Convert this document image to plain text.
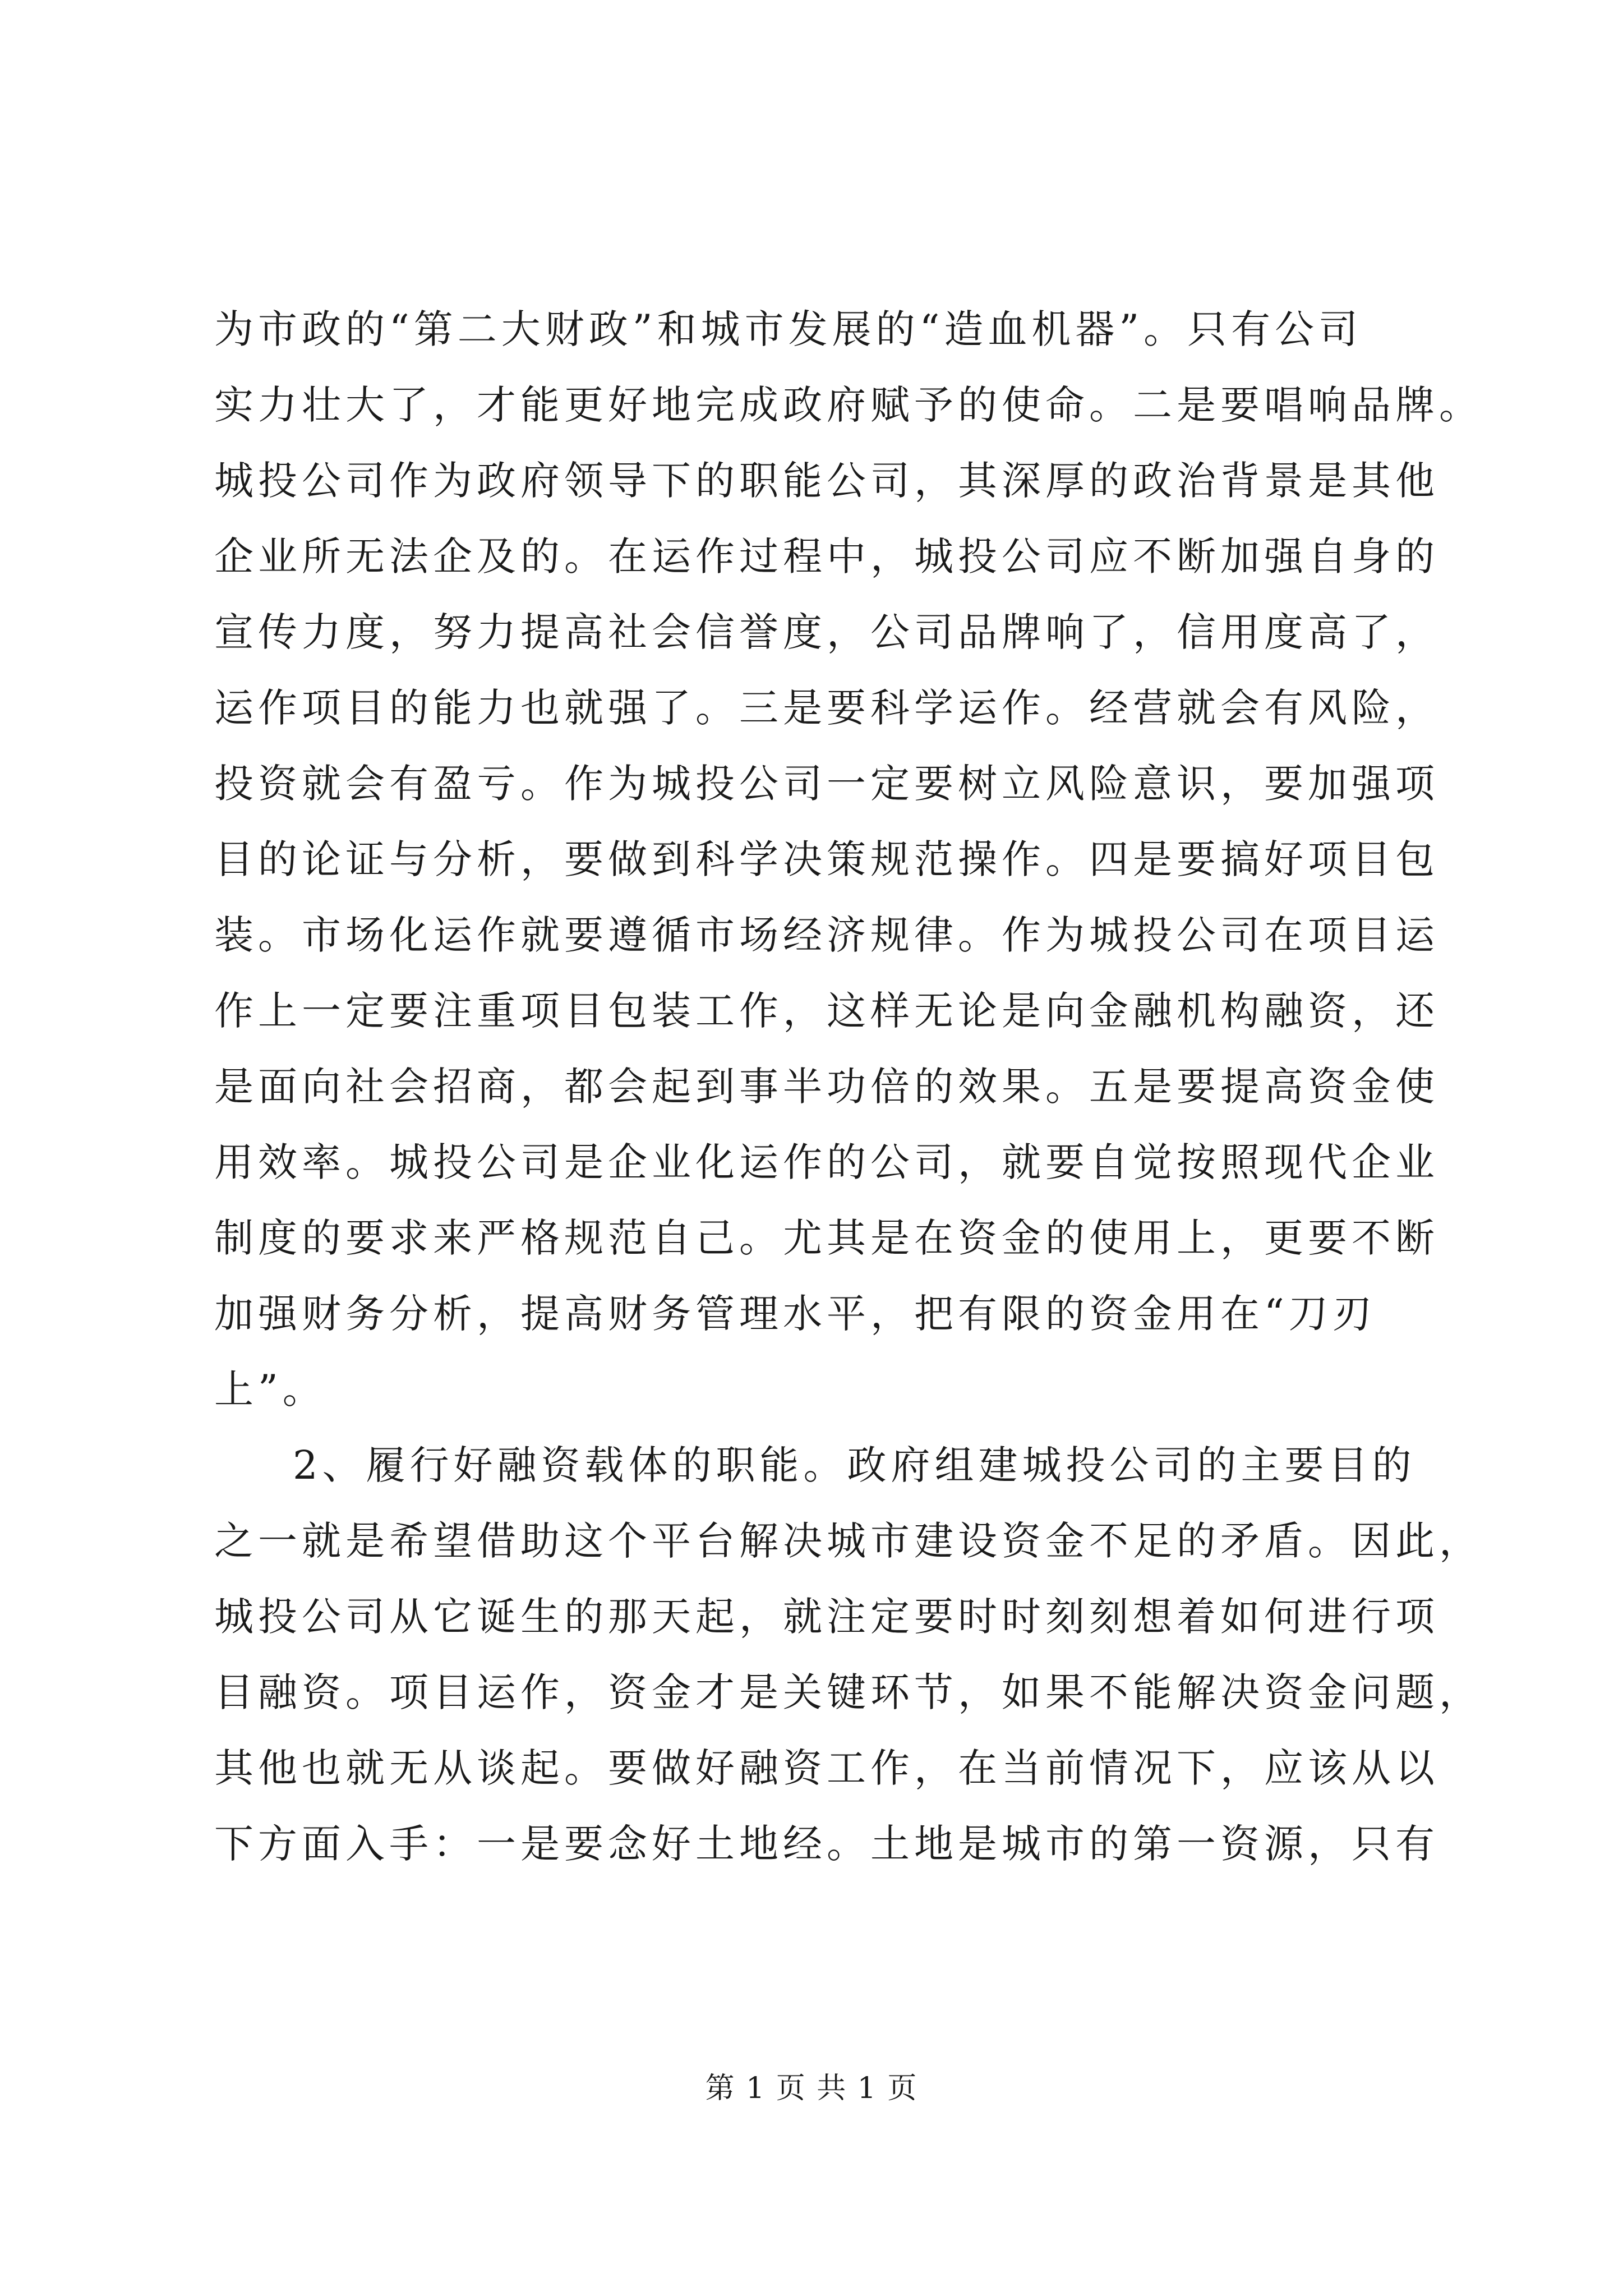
为市政的“第二大财政”和城市发展的“造血机器”。只有公司
实力壮大了，才能更好地完成政府赋予的使命。二是要唱响品牌。
城投公司作为政府领导下的职能公司，其深厚的政治背景是其他
企业所无法企及的。在运作过程中，城投公司应不断加强自身的
宣传力度，努力提高社会信誉度，公司品牌响了，信用度高了，
运作项目的能力也就强了。三是要科学运作。经营就会有风险，
投资就会有盈亏。作为城投公司一定要树立风险意识，要加强项
目的论证与分析，要做到科学决策规范操作。四是要搞好项目包
装。市场化运作就要遵循市场经济规律。作为城投公司在项目运
作上一定要注重项目包装工作，这样无论是向金融机构融资，还
是面向社会招商，都会起到事半功倍的效果。五是要提高资金使
用效率。城投公司是企业化运作的公司，就要自觉按照现代企业
制度的要求来严格规范自己。尤其是在资金的使用上，更要不断
加强财务分析，提高财务管理水平，把有限的资金用在“刀刃
上”。
2、履行好融资载体的职能。政府组建城投公司的主要目的
之一就是希望借助这个平台解决城市建设资金不足的矛盾。因此，
城投公司从它诞生的那天起，就注定要时时刻刻想着如何进行项
目融资。项目运作，资金才是关键环节，如果不能解决资金问题，
其他也就无从谈起。要做好融资工作，在当前情况下，应该从以
下方面入手：一是要念好土地经。土地是城市的第一资源，只有
第 1 页 共 1 页
